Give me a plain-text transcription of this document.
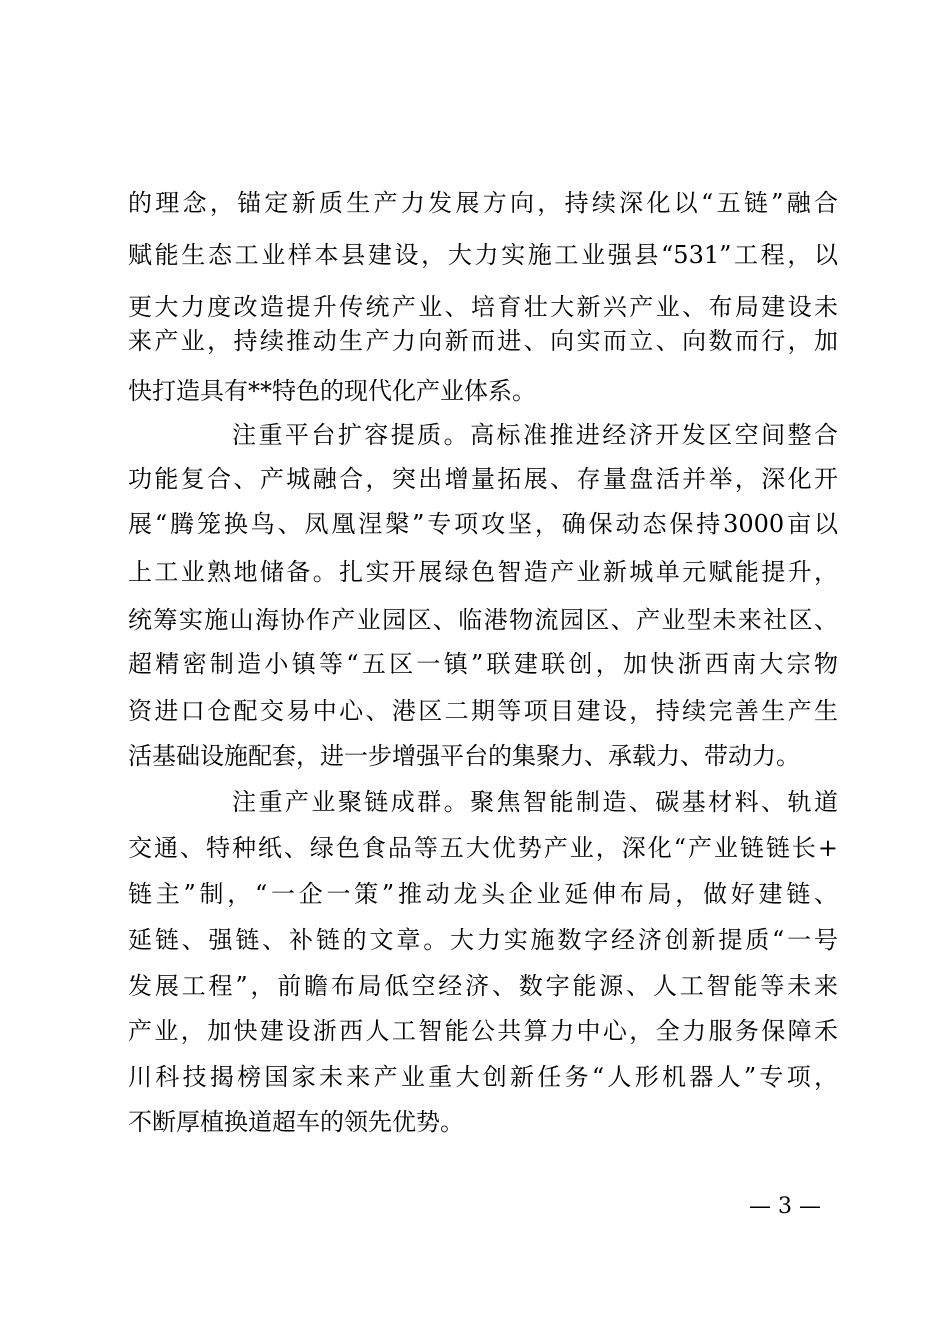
的理念，锚定新质生产力发展方向，持续深化以“五链”融合
赋能生态工业样本县建设，大力实施工业强县“531”工程，以
更大力度改造提升传统产业、培育壮大新兴产业、布局建设未
来产业，持续推动生产力向新而进、向实而立、向数而行，加
快打造具有**特色的现代化产业体系。
注重平台扩容提质。高标准推进经济开发区空间整合
功能复合、产城融合，突出增量拓展、存量盘活并举，深化开
展“腾笼换鸟、凤凰涅槃”专项攻坚，确保动态保持3000亩以
上工业熟地储备。扎实开展绿色智造产业新城单元赋能提升，
统筹实施山海协作产业园区、临港物流园区、产业型未来社区、
超精密制造小镇等“五区一镇”联建联创，加快浙西南大宗物
资进口仓配交易中心、港区二期等项目建设，持续完善生产生
活基础设施配套，进一步增强平台的集聚力、承载力、带动力。
注重产业聚链成群。聚焦智能制造、碳基材料、轨道
交通、特种纸、绿色食品等五大优势产业，深化“产业链链长+
链主”制，“一企一策”推动龙头企业延伸布局，做好建链、
延链、强链、补链的文章。大力实施数字经济创新提质“一号
发展工程”，前瞻布局低空经济、数字能源、人工智能等未来
产业，加快建设浙西人工智能公共算力中心，全力服务保障禾
川科技揭榜国家未来产业重大创新任务“人形机器人”专项，
不断厚植换道超车的领先优势。
— 3 —
